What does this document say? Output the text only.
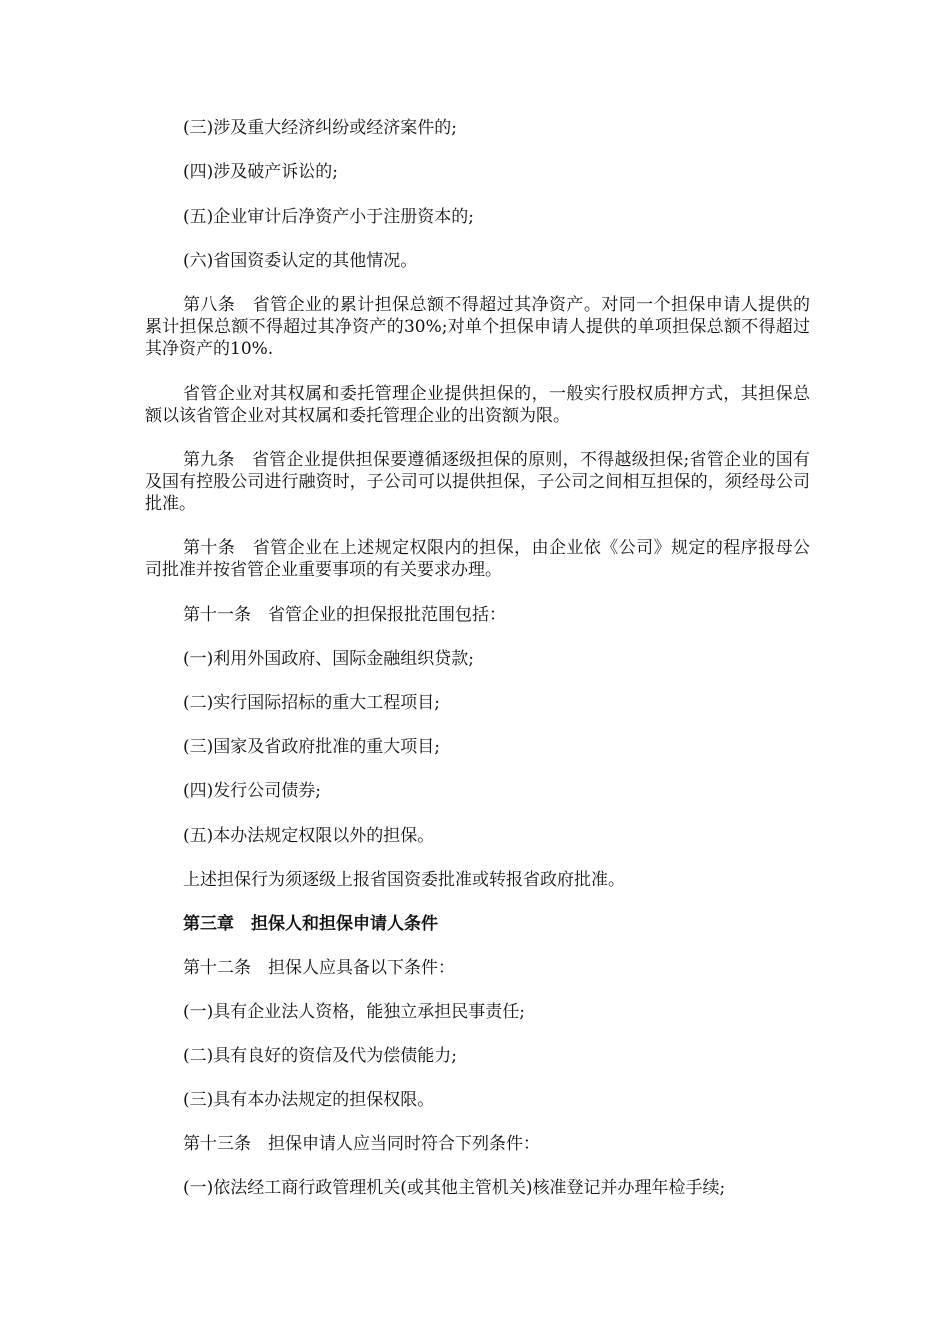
(三)涉及重大经济纠纷或经济案件的;
(四)涉及破产诉讼的;
(五)企业审计后净资产小于注册资本的;
(六)省国资委认定的其他情况。
第八条　省管企业的累计担保总额不得超过其净资产。对同一个担保申请人提供的累计担保总额不得超过其净资产的30%;对单个担保申请人提供的单项担保总额不得超过其净资产的10%.
省管企业对其权属和委托管理企业提供担保的，一般实行股权质押方式，其担保总额以该省管企业对其权属和委托管理企业的出资额为限。
第九条　省管企业提供担保要遵循逐级担保的原则，不得越级担保;省管企业的国有及国有控股公司进行融资时，子公司可以提供担保，子公司之间相互担保的，须经母公司批准。
第十条　省管企业在上述规定权限内的担保，由企业依《公司》规定的程序报母公司批准并按省管企业重要事项的有关要求办理。
第十一条　省管企业的担保报批范围包括：
(一)利用外国政府、国际金融组织贷款;
(二)实行国际招标的重大工程项目;
(三)国家及省政府批准的重大项目;
(四)发行公司债券;
(五)本办法规定权限以外的担保。
上述担保行为须逐级上报省国资委批准或转报省政府批准。
第三章　担保人和担保申请人条件
第十二条　担保人应具备以下条件：
(一)具有企业法人资格，能独立承担民事责任;
(二)具有良好的资信及代为偿债能力;
(三)具有本办法规定的担保权限。
第十三条　担保申请人应当同时符合下列条件：
(一)依法经工商行政管理机关(或其他主管机关)核准登记并办理年检手续;
